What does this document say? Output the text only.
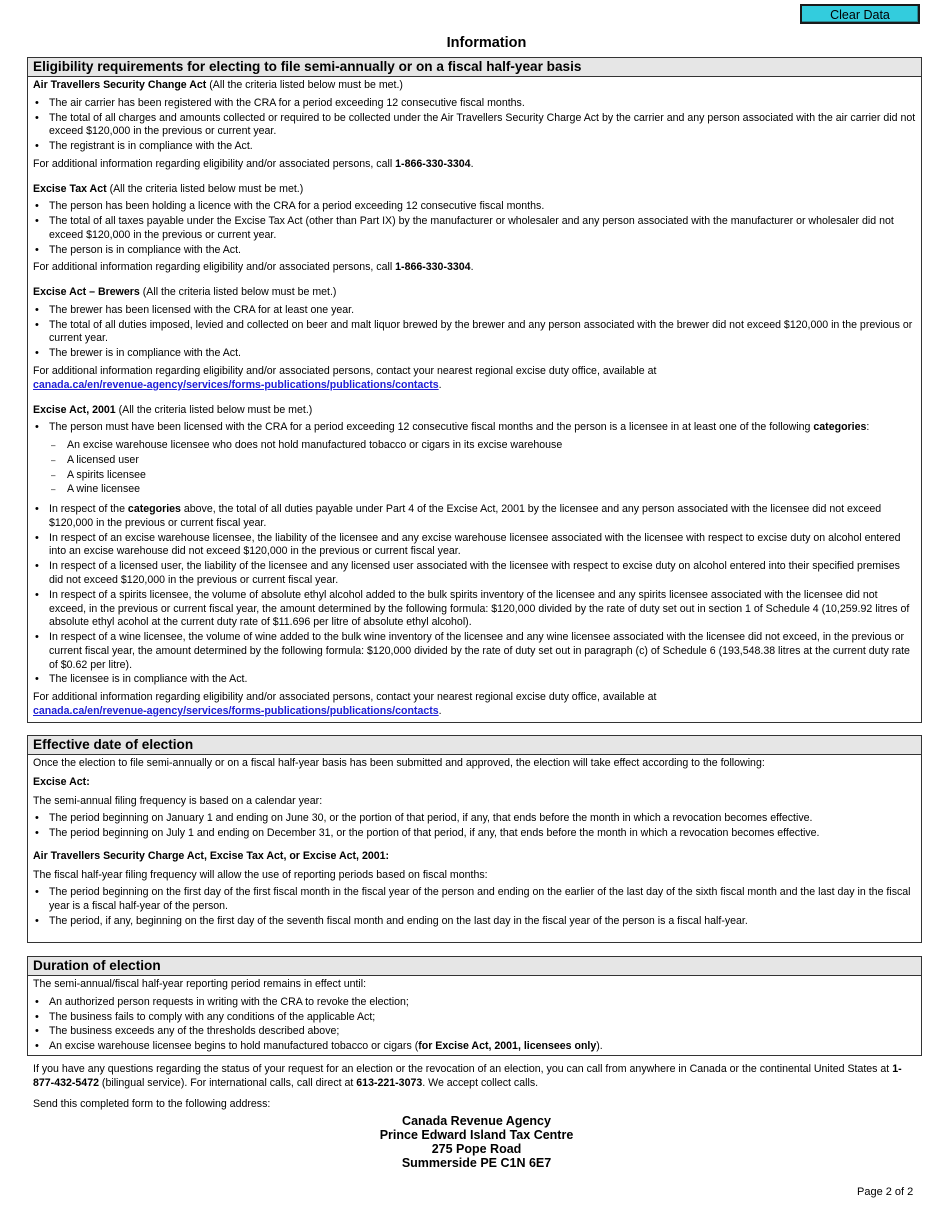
Clear Data
Information
Eligibility requirements for electing to file semi-annually or on a fiscal half-year basis

Air Travellers Security Change Act (All the criteria listed below must be met.)

• The air carrier has been registered with the CRA for a period exceeding 12 consecutive fiscal months.
• The total of all charges and amounts collected or required to be collected under the Air Travellers Security Charge Act by the carrier and any person associated with the air carrier did not exceed $120,000 in the previous or current year.
• The registrant is in compliance with the Act.

For additional information regarding eligibility and/or associated persons, call 1-866-330-3304.

Excise Tax Act (All the criteria listed below must be met.)

• The person has been holding a licence with the CRA for a period exceeding 12 consecutive fiscal months.
• The total of all taxes payable under the Excise Tax Act (other than Part IX) by the manufacturer or wholesaler and any person associated with the manufacturer or wholesaler did not exceed $120,000 in the previous or current year.
• The person is in compliance with the Act.

For additional information regarding eligibility and/or associated persons, call 1-866-330-3304.

Excise Act – Brewers (All the criteria listed below must be met.)

• The brewer has been licensed with the CRA for at least one year.
• The total of all duties imposed, levied and collected on beer and malt liquor brewed by the brewer and any person associated with the brewer did not exceed $120,000 in the previous or current year.
• The brewer is in compliance with the Act.

For additional information regarding eligibility and/or associated persons, contact your nearest regional excise duty office, available at
canada.ca/en/revenue-agency/services/forms-publications/publications/contacts.

Excise Act, 2001 (All the criteria listed below must be met.)

• The person must have been licensed with the CRA for a period exceeding 12 consecutive fiscal months and the person is a licensee in at least one of the following categories:
– An excise warehouse licensee who does not hold manufactured tobacco or cigars in its excise warehouse
– A licensed user
– A spirits licensee
– A wine licensee
• In respect of the categories above, the total of all duties payable under Part 4 of the Excise Act, 2001 by the licensee and any person associated with the licensee did not exceed $120,000 in the previous or current fiscal year.
• In respect of an excise warehouse licensee, the liability of the licensee and any excise warehouse licensee associated with the licensee with respect to excise duty on alcohol entered into an excise warehouse did not exceed $120,000 in the previous or current fiscal year.
• In respect of a licensed user, the liability of the licensee and any licensed user associated with the licensee with respect to excise duty on alcohol entered into their specified premises did not exceed $120,000 in the previous or current fiscal year.
• In respect of a spirits licensee, the volume of absolute ethyl alcohol added to the bulk spirits inventory of the licensee and any spirits licensee associated with the licensee did not exceed, in the previous or current fiscal year, the amount determined by the following formula: $120,000 divided by the rate of duty set out in section 1 of Schedule 4 (10,259.92 litres of absolute ethyl acohol at the current duty rate of $11.696 per litre of absolute ethyl alcohol).
• In respect of a wine licensee, the volume of wine added to the bulk wine inventory of the licensee and any wine licensee associated with the licensee did not exceed, in the previous or current fiscal year, the amount determined by the following formula: $120,000 divided by the rate of duty set out in paragraph (c) of Schedule 6 (193,548.38 litres at the current duty rate of $0.62 per litre).
• The licensee is in compliance with the Act.

For additional information regarding eligibility and/or associated persons, contact your nearest regional excise duty office, available at
canada.ca/en/revenue-agency/services/forms-publications/publications/contacts.

Effective date of election

Once the election to file semi-annually or on a fiscal half-year basis has been submitted and approved, the election will take effect according to the following:

Excise Act:

The semi-annual filing frequency is based on a calendar year:

• The period beginning on January 1 and ending on June 30, or the portion of that period, if any, that ends before the month in which a revocation becomes effective.
• The period beginning on July 1 and ending on December 31, or the portion of that period, if any, that ends before the month in which a revocation becomes effective.

Air Travellers Security Charge Act, Excise Tax Act, or Excise Act, 2001:

The fiscal half-year filing frequency will allow the use of reporting periods based on fiscal months:

• The period beginning on the first day of the first fiscal month in the fiscal year of the person and ending on the earlier of the last day of the sixth fiscal month and the last day in the fiscal year is a fiscal half-year of the person.
• The period, if any, beginning on the first day of the seventh fiscal month and ending on the last day in the fiscal year of the person is a fiscal half-year.
Duration of election

The semi-annual/fiscal half-year reporting period remains in effect until:

• An authorized person requests in writing with the CRA to revoke the election;
• The business fails to comply with any conditions of the applicable Act;
• The business exceeds any of the thresholds described above;
• An excise warehouse licensee begins to hold manufactured tobacco or cigars (for Excise Act, 2001, licensees only).

If you have any questions regarding the status of your request for an election or the revocation of an election, you can call from anywhere in Canada or the continental United States at 1-877-432-5472 (bilingual service). For international calls, call direct at 613-221-3073. We accept collect calls.

Send this completed form to the following address:

Canada Revenue Agency
Prince Edward Island Tax Centre
275 Pope Road
Summerside PE C1N 6E7
Page 2 of 2
